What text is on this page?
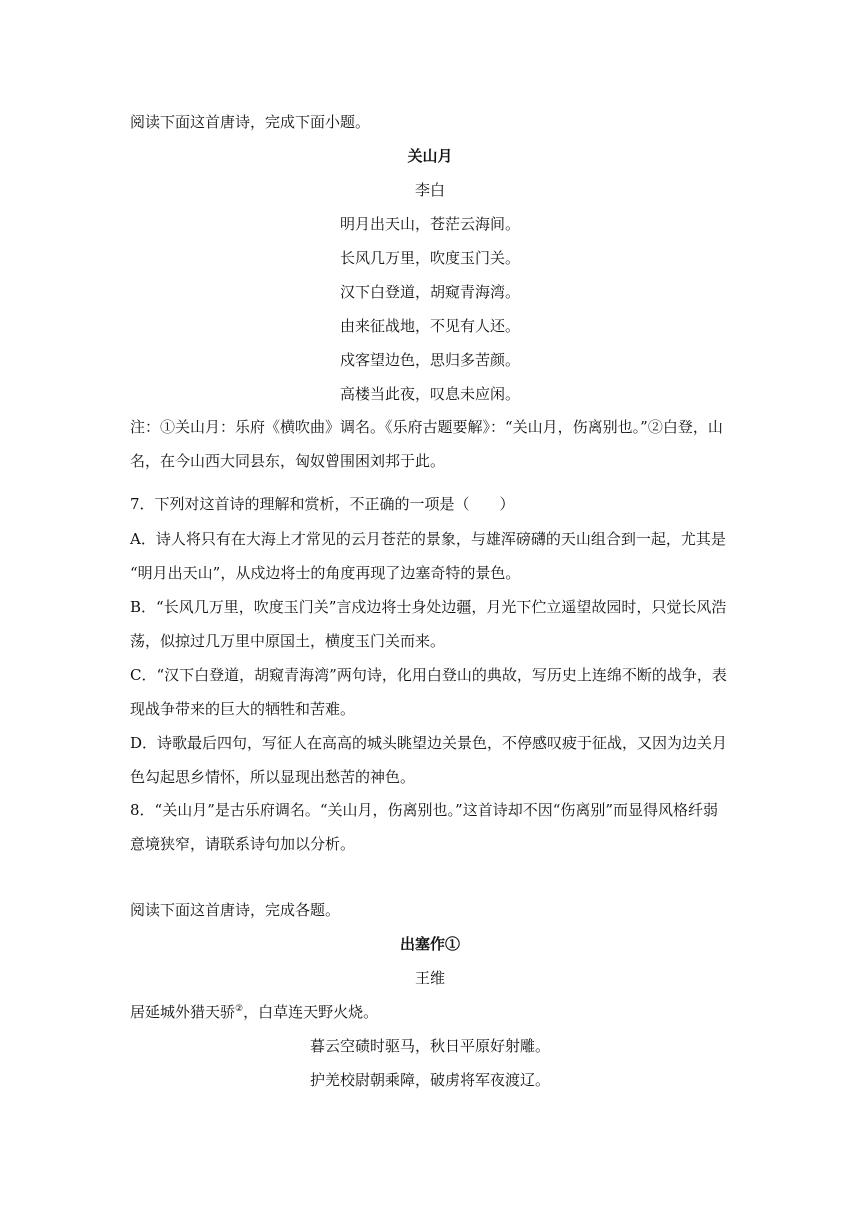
阅读下面这首唐诗，完成下面小题。
关山月
李白
明月出天山，苍茫云海间。
长风几万里，吹度玉门关。
汉下白登道，胡窥青海湾。
由来征战地，不见有人还。
戍客望边色，思归多苦颜。
高楼当此夜，叹息未应闲。
注：①关山月：乐府《横吹曲》调名。《乐府古题要解》：“关山月，伤离别也。”②白登，山
名，在今山西大同县东，匈奴曾围困刘邦于此。
7．下列对这首诗的理解和赏析，不正确的一项是（　　）
A．诗人将只有在大海上才常见的云月苍茫的景象，与雄浑磅礴的天山组合到一起，尤其是
“明月出天山”，从戍边将士的角度再现了边塞奇特的景色。
B．“长风几万里，吹度玉门关”言戍边将士身处边疆，月光下伫立遥望故园时，只觉长风浩
荡，似掠过几万里中原国土，横度玉门关而来。
C．“汉下白登道，胡窥青海湾”两句诗，化用白登山的典故，写历史上连绵不断的战争，表
现战争带来的巨大的牺牲和苦难。
D．诗歌最后四句，写征人在高高的城头眺望边关景色，不停感叹疲于征战，又因为边关月
色勾起思乡情怀，所以显现出愁苦的神色。
8．“关山月”是古乐府调名。“关山月，伤离别也。”这首诗却不因“伤离别”而显得风格纤弱
意境狭窄，请联系诗句加以分析。
阅读下面这首唐诗，完成各题。
出塞作①
王维
居延城外猎天骄②，白草连天野火烧。
暮云空碛时驱马，秋日平原好射雕。
护羌校尉朝乘障，破虏将军夜渡辽。
